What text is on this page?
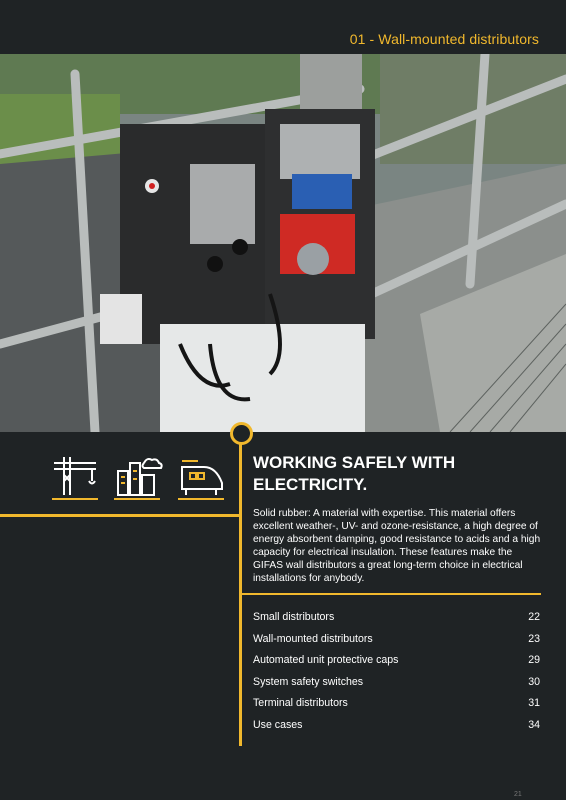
01 - Wall-mounted distributors
WORKING SAFELY WITH
ELECTRICITY.
Solid rubber: A material with expertise. This material offers excellent weather-, UV- and ozone-resistance, a high degree of energy absorbent damping, good resistance to acids and a high capacity for electrical insulation. These features make the GIFAS wall distributors a great long-term choice in electrical installations for anybody.
Small distributors	22
Wall-mounted distributors	23
Automated unit protective caps	29
System safety switches	30
Terminal distributors	31
Use cases	34
21
